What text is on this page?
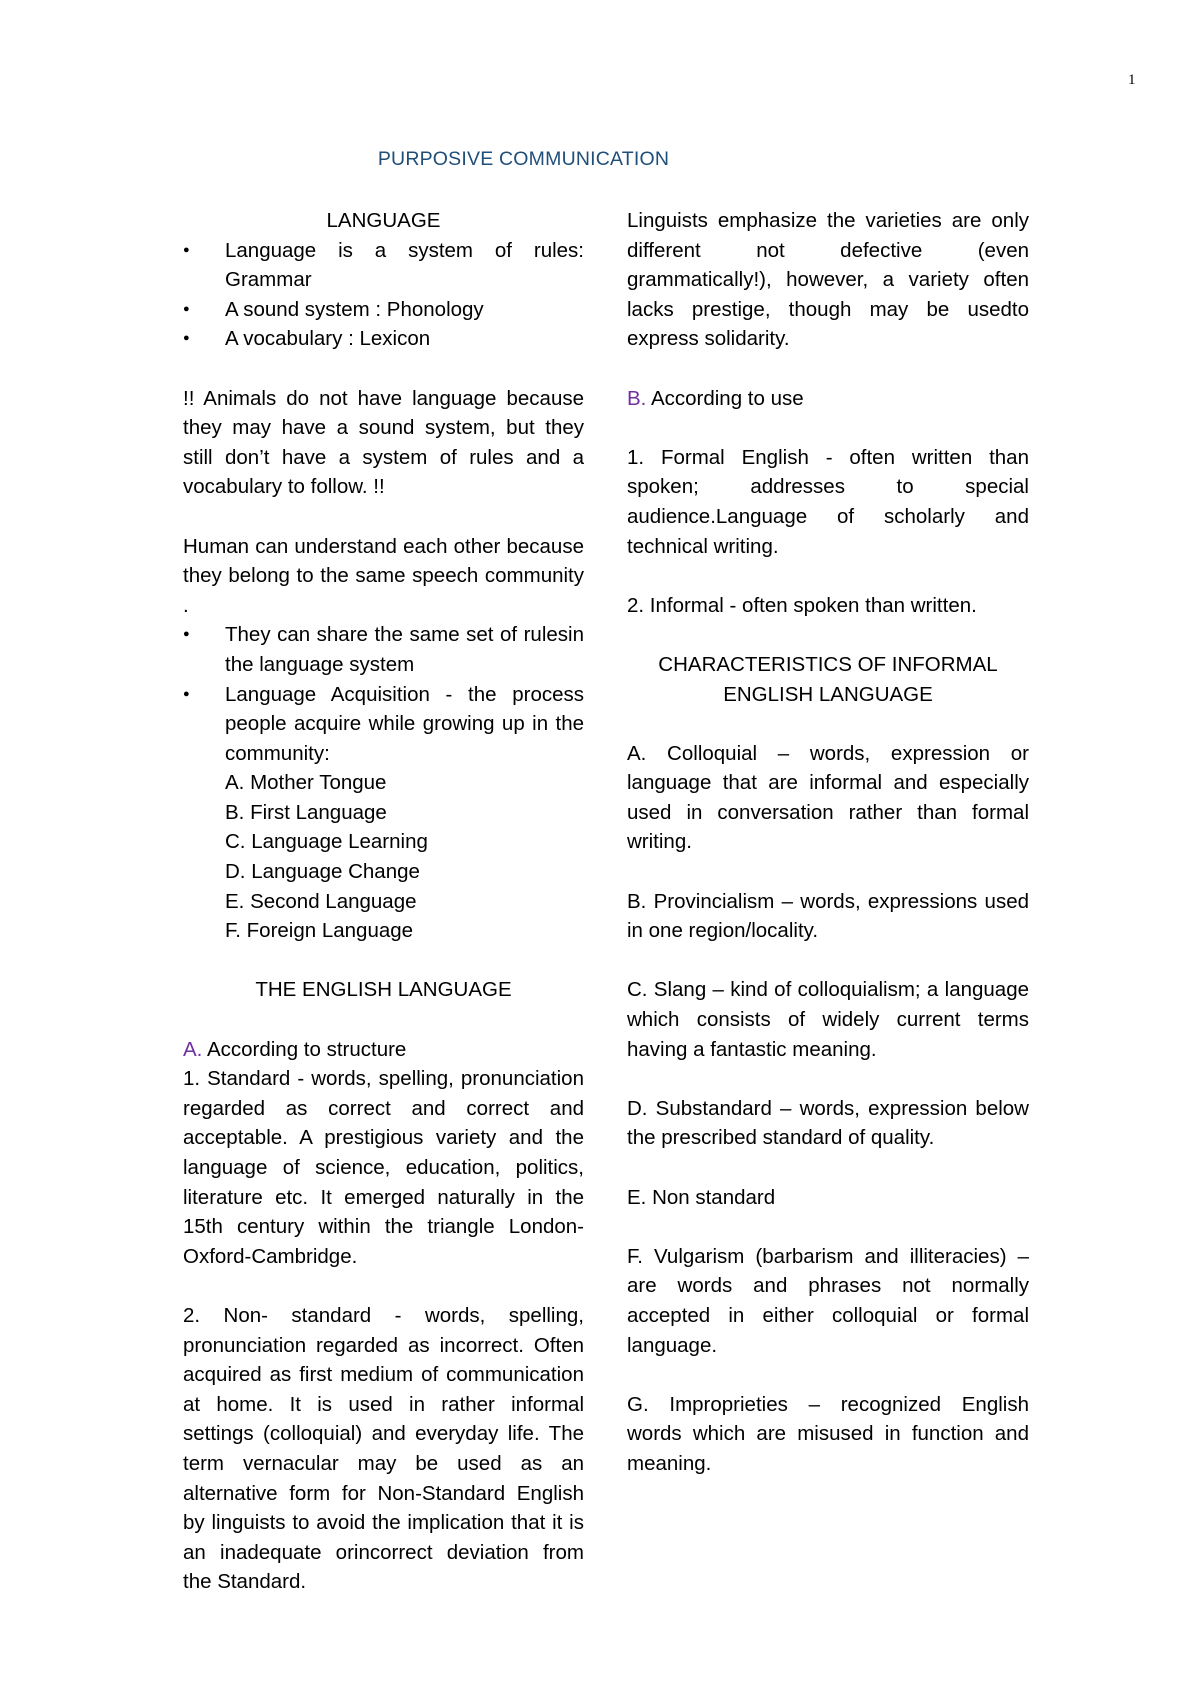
1
PURPOSIVE COMMUNICATION

LANGUAGE

● Language is a system of rules: Grammar
● A sound system : Phonology
● A vocabulary : Lexicon

!! Animals do not have language because they may have a sound system, but they still don’t have a system of rules and a vocabulary to follow. !!

Human can understand each other because they belong to the same speech community .

● They can share the same set of rulesin the language system
● Language Acquisition - the process people acquire while growing up in the community:

A. Mother Tongue

B. First Language

C. Language Learning

D. Language Change

E. Second Language

F. Foreign Language

THE ENGLISH LANGUAGE

A. According to structure

1. Standard - words, spelling, pronunciation regarded as correct and correct and acceptable. A prestigious variety and the language of science, education, politics, literature etc. It emerged naturally in the 15th century within the triangle London-Oxford-Cambridge.

2. Non- standard - words, spelling, pronunciation regarded as incorrect. Often acquired as first medium of communication at home. It is used in rather informal settings (colloquial) and everyday life. The term vernacular may be used as an alternative form for Non-Standard English by linguists to avoid the implication that it is an inadequate orincorrect deviation from the Standard.

Linguists emphasize the varieties are only different not defective (even grammatically!), however, a variety often lacks prestige, though may be usedto express solidarity.

B. According to use

1. Formal English - often written than spoken; addresses to special audience.Language of scholarly and technical writing.

2. Informal - often spoken than written.

CHARACTERISTICS OF INFORMAL ENGLISH LANGUAGE

A. Colloquial – words, expression or language that are informal and especially used in conversation rather than formal writing.

B. Provincialism – words, expressions used in one region/locality.

C. Slang – kind of colloquialism; a language which consists of widely current terms having a fantastic meaning.

D. Substandard – words, expression below the prescribed standard of quality.

E. Non standard

F. Vulgarism (barbarism and illiteracies) – are words and phrases not normally accepted in either colloquial or formal language.

G. Improprieties – recognized English words which are misused in function and meaning.
